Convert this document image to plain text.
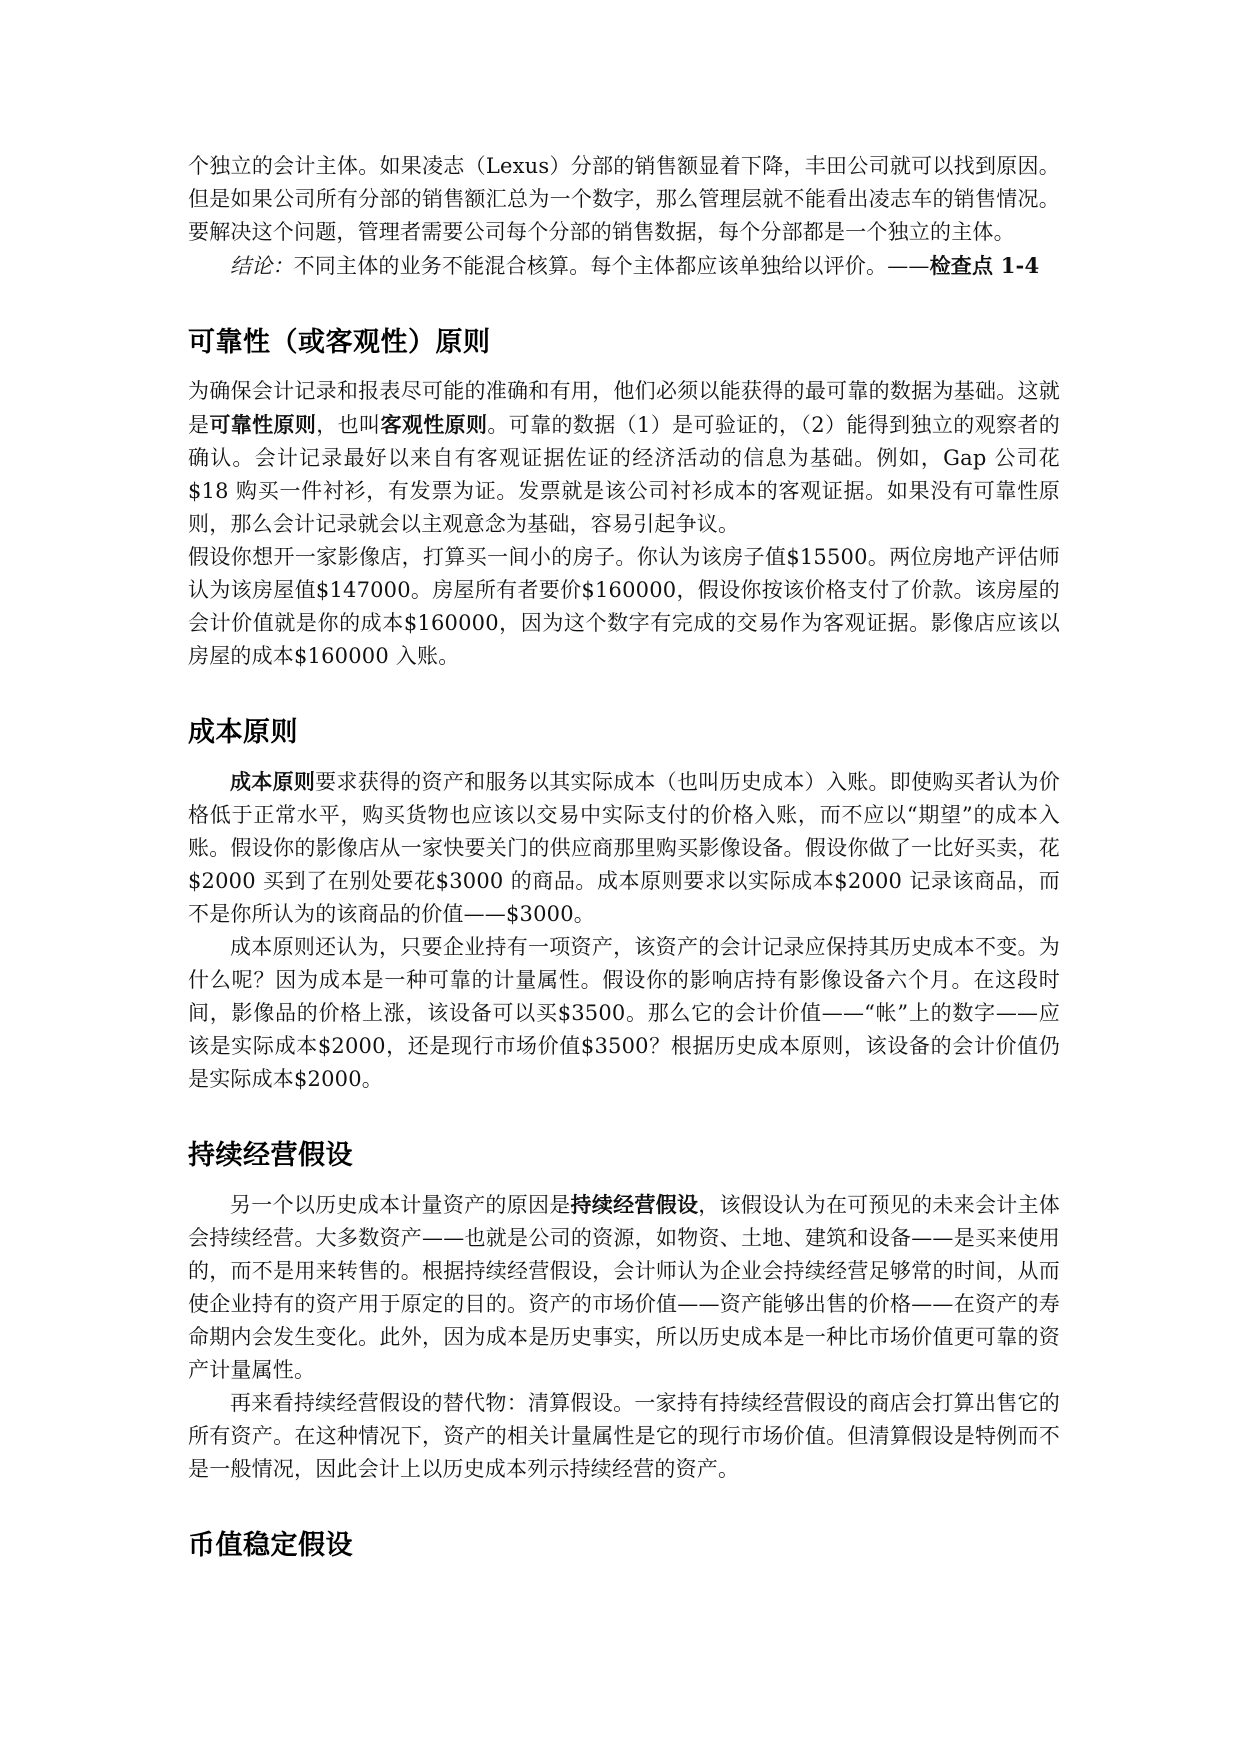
个独立的会计主体。如果凌志（Lexus）分部的销售额显着下降，丰田公司就可以找到原因。但是如果公司所有分部的销售额汇总为一个数字，那么管理层就不能看出凌志车的销售情况。要解决这个问题，管理者需要公司每个分部的销售数据，每个分部都是一个独立的主体。

结论：不同主体的业务不能混合核算。每个主体都应该单独给以评价。——检查点 1-4

可靠性（或客观性）原则

为确保会计记录和报表尽可能的准确和有用，他们必须以能获得的最可靠的数据为基础。这就是可靠性原则，也叫客观性原则。可靠的数据（1）是可验证的，（2）能得到独立的观察者的确认。会计记录最好以来自有客观证据佐证的经济活动的信息为基础。例如，Gap 公司花$18 购买一件衬衫，有发票为证。发票就是该公司衬衫成本的客观证据。如果没有可靠性原则，那么会计记录就会以主观意念为基础，容易引起争议。

假设你想开一家影像店，打算买一间小的房子。你认为该房子值$15500。两位房地产评估师认为该房屋值$147000。房屋所有者要价$160000，假设你按该价格支付了价款。该房屋的会计价值就是你的成本$160000，因为这个数字有完成的交易作为客观证据。影像店应该以房屋的成本$160000 入账。

成本原则

成本原则要求获得的资产和服务以其实际成本（也叫历史成本）入账。即使购买者认为价格低于正常水平，购买货物也应该以交易中实际支付的价格入账，而不应以“期望”的成本入账。假设你的影像店从一家快要关门的供应商那里购买影像设备。假设你做了一比好买卖，花$2000 买到了在别处要花$3000 的商品。成本原则要求以实际成本$2000 记录该商品，而不是你所认为的该商品的价值——$3000。

成本原则还认为，只要企业持有一项资产，该资产的会计记录应保持其历史成本不变。为什么呢？因为成本是一种可靠的计量属性。假设你的影响店持有影像设备六个月。在这段时间，影像品的价格上涨，该设备可以买$3500。那么它的会计价值——“帐”上的数字——应该是实际成本$2000，还是现行市场价值$3500？根据历史成本原则，该设备的会计价值仍是实际成本$2000。

持续经营假设

另一个以历史成本计量资产的原因是持续经营假设，该假设认为在可预见的未来会计主体会持续经营。大多数资产——也就是公司的资源，如物资、土地、建筑和设备——是买来使用的，而不是用来转售的。根据持续经营假设，会计师认为企业会持续经营足够常的时间，从而使企业持有的资产用于原定的目的。资产的市场价值——资产能够出售的价格——在资产的寿命期内会发生变化。此外，因为成本是历史事实，所以历史成本是一种比市场价值更可靠的资产计量属性。

再来看持续经营假设的替代物：清算假设。一家持有持续经营假设的商店会打算出售它的所有资产。在这种情况下，资产的相关计量属性是它的现行市场价值。但清算假设是特例而不是一般情况，因此会计上以历史成本列示持续经营的资产。

币值稳定假设
